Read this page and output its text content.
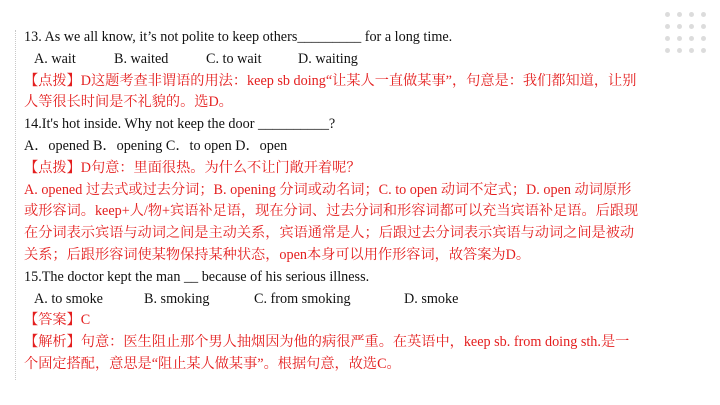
13. As we all know, it’s not polite to keep others_________ for a long time.
A. wait	B. waited	C. to wait	D. waiting
【点拨】D这题考查非谓语的用法：keep sb doing“让某人一直做某事”，句意是：我们都知道，让别
人等很长时间是不礼貌的。选D。
14.It's hot inside. Why not keep the door __________?
A．opened B．opening C．to open D．open
【点拨】D句意：里面很热。为什么不让门敞开着呢？
A. opened 过去式或过去分词；B. opening 分词或动名词；C. to open 动词不定式；D. open 动词原形
或形容词。keep+人/物+宾语补足语，现在分词、过去分词和形容词都可以充当宾语补足语。后跟现
在分词表示宾语与动词之间是主动关系，宾语通常是人；后跟过去分词表示宾语与动词之间是被动
关系；后跟形容词使某物保持某种状态，open本身可以用作形容词，故答案为D。
15.The doctor kept the man __ because of his serious illness.
A. to smoke	B. smoking	C. from smoking	D. smoke
【答案】C
【解析】句意：医生阻止那个男人抽烟因为他的病很严重。在英语中，keep sb. from doing sth.是一
个固定搭配，意思是“阻止某人做某事”。根据句意，故选C。
